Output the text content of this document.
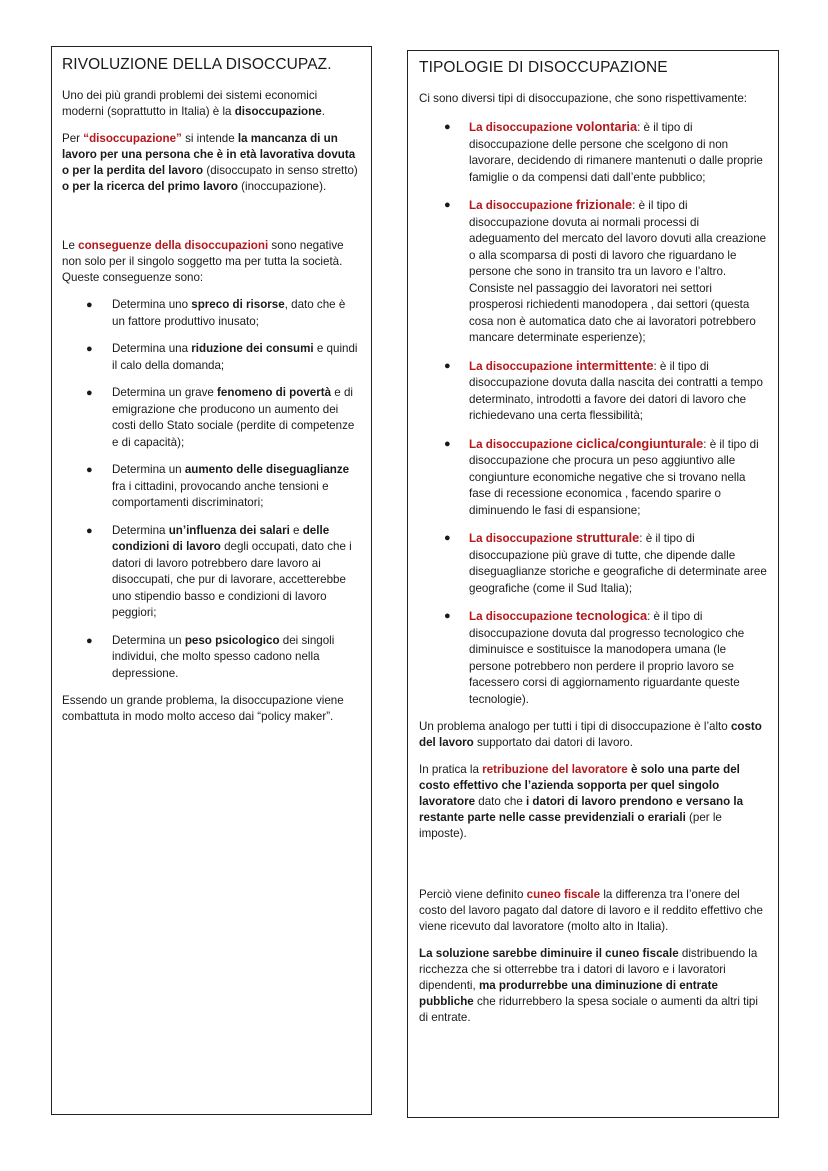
RIVOLUZIONE DELLA DISOCCUPAZ.

Uno dei più grandi problemi dei sistemi economici moderni (soprattutto in Italia) è la disoccupazione.

Per “disoccupazione” si intende la mancanza di un lavoro per una persona che è in età lavorativa dovuta o per la perdita del lavoro (disoccupato in senso stretto) o per la ricerca del primo lavoro (inoccupazione).

Le conseguenze della disoccupazioni sono negative non solo per il singolo soggetto ma per tutta la società. Queste conseguenze sono:

● Determina uno spreco di risorse, dato che è un fattore produttivo inusato;
● Determina una riduzione dei consumi e quindi il calo della domanda;
● Determina un grave fenomeno di povertà e di emigrazione che producono un aumento dei costi dello Stato sociale (perdite di competenze e di capacità);
● Determina un aumento delle diseguaglianze fra i cittadini, provocando anche tensioni e comportamenti discriminatori;
● Determina un’influenza dei salari e delle condizioni di lavoro degli occupati, dato che i datori di lavoro potrebbero dare lavoro ai disoccupati, che pur di lavorare, accetterebbe uno stipendio basso e condizioni di lavoro peggiori;
● Determina un peso psicologico dei singoli individui, che molto spesso cadono nella depressione.

Essendo un grande problema, la disoccupazione viene combattuta in modo molto acceso dai “policy maker”.

TIPOLOGIE DI DISOCCUPAZIONE

Ci sono diversi tipi di disoccupazione, che sono rispettivamente:

● La disoccupazione volontaria: è il tipo di disoccupazione delle persone che scelgono di non lavorare, decidendo di rimanere mantenuti o dalle proprie famiglie o da compensi dati dall’ente pubblico;
● La disoccupazione frizionale: è il tipo di disoccupazione dovuta ai normali processi di adeguamento del mercato del lavoro dovuti alla creazione o alla scomparsa di posti di lavoro che riguardano le persone che sono in transito tra un lavoro e l’altro.
Consiste nel passaggio dei lavoratori nei settori prosperosi richiedenti manodopera , dai settori (questa cosa non è automatica dato che ai lavoratori potrebbero mancare determinate esperienze);
● La disoccupazione intermittente: è il tipo di disoccupazione dovuta dalla nascita dei contratti a tempo determinato, introdotti a favore dei datori di lavoro che richiedevano una certa flessibilità;
● La disoccupazione ciclica/congiunturale: è il tipo di disoccupazione che procura un peso aggiuntivo alle congiunture economiche negative che si trovano nella fase di recessione economica , facendo sparire o diminuendo le fasi di espansione;
● La disoccupazione strutturale: è il tipo di disoccupazione più grave di tutte, che dipende dalle diseguaglianze storiche e geografiche di determinate aree geografiche (come il Sud Italia);
● La disoccupazione tecnologica: è il tipo di disoccupazione dovuta dal progresso tecnologico che diminuisce e sostituisce la manodopera umana (le persone potrebbero non perdere il proprio lavoro se facessero corsi di aggiornamento riguardante queste tecnologie).

Un problema analogo per tutti i tipi di disoccupazione è l’alto costo del lavoro supportato dai datori di lavoro.

In pratica la retribuzione del lavoratore è solo una parte del costo effettivo che l’azienda sopporta per quel singolo lavoratore dato che i datori di lavoro prendono e versano la restante parte nelle casse previdenziali o erariali (per le imposte).

Perciò viene definito cuneo fiscale la differenza tra l’onere del costo del lavoro pagato dal datore di lavoro e il reddito effettivo che viene ricevuto dal lavoratore (molto alto in Italia).

La soluzione sarebbe diminuire il cuneo fiscale distribuendo la ricchezza che si otterrebbe tra i datori di lavoro e i lavoratori dipendenti, ma produrrebbe una diminuzione di entrate pubbliche che ridurrebbero la spesa sociale o aumenti da altri tipi di entrate.
